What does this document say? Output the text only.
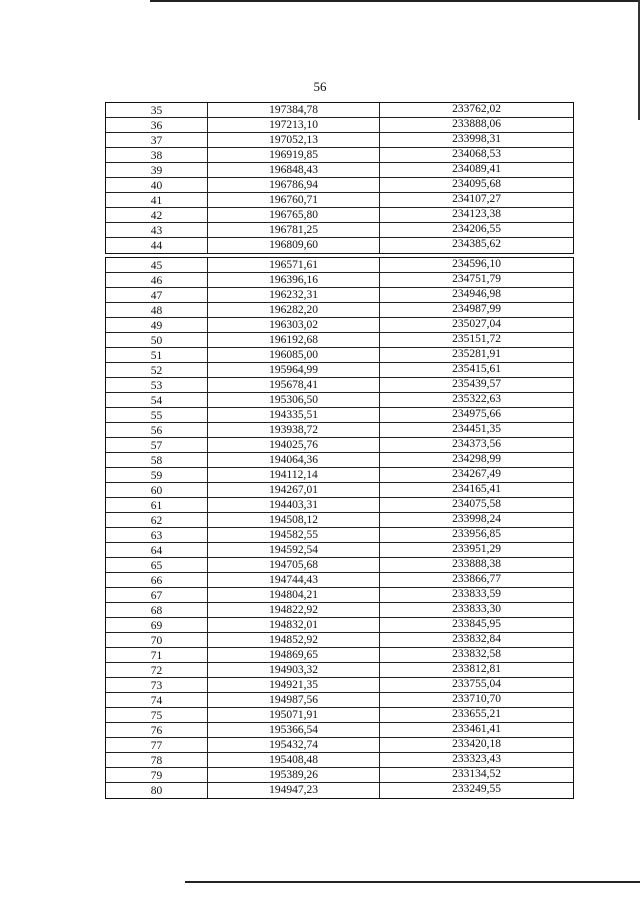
56
35	197384,78	233762,02
36	197213,10	233888,06
37	197052,13	233998,31
38	196919,85	234068,53
39	196848,43	234089,41
40	196786,94	234095,68
41	196760,71	234107,27
42	196765,80	234123,38
43	196781,25	234206,55
44	196809,60	234385,62
45	196571,61	234596,10
46	196396,16	234751,79
47	196232,31	234946,98
48	196282,20	234987,99
49	196303,02	235027,04
50	196192,68	235151,72
51	196085,00	235281,91
52	195964,99	235415,61
53	195678,41	235439,57
54	195306,50	235322,63
55	194335,51	234975,66
56	193938,72	234451,35
57	194025,76	234373,56
58	194064,36	234298,99
59	194112,14	234267,49
60	194267,01	234165,41
61	194403,31	234075,58
62	194508,12	233998,24
63	194582,55	233956,85
64	194592,54	233951,29
65	194705,68	233888,38
66	194744,43	233866,77
67	194804,21	233833,59
68	194822,92	233833,30
69	194832,01	233845,95
70	194852,92	233832,84
71	194869,65	233832,58
72	194903,32	233812,81
73	194921,35	233755,04
74	194987,56	233710,70
75	195071,91	233655,21
76	195366,54	233461,41
77	195432,74	233420,18
78	195408,48	233323,43
79	195389,26	233134,52
80	194947,23	233249,55
